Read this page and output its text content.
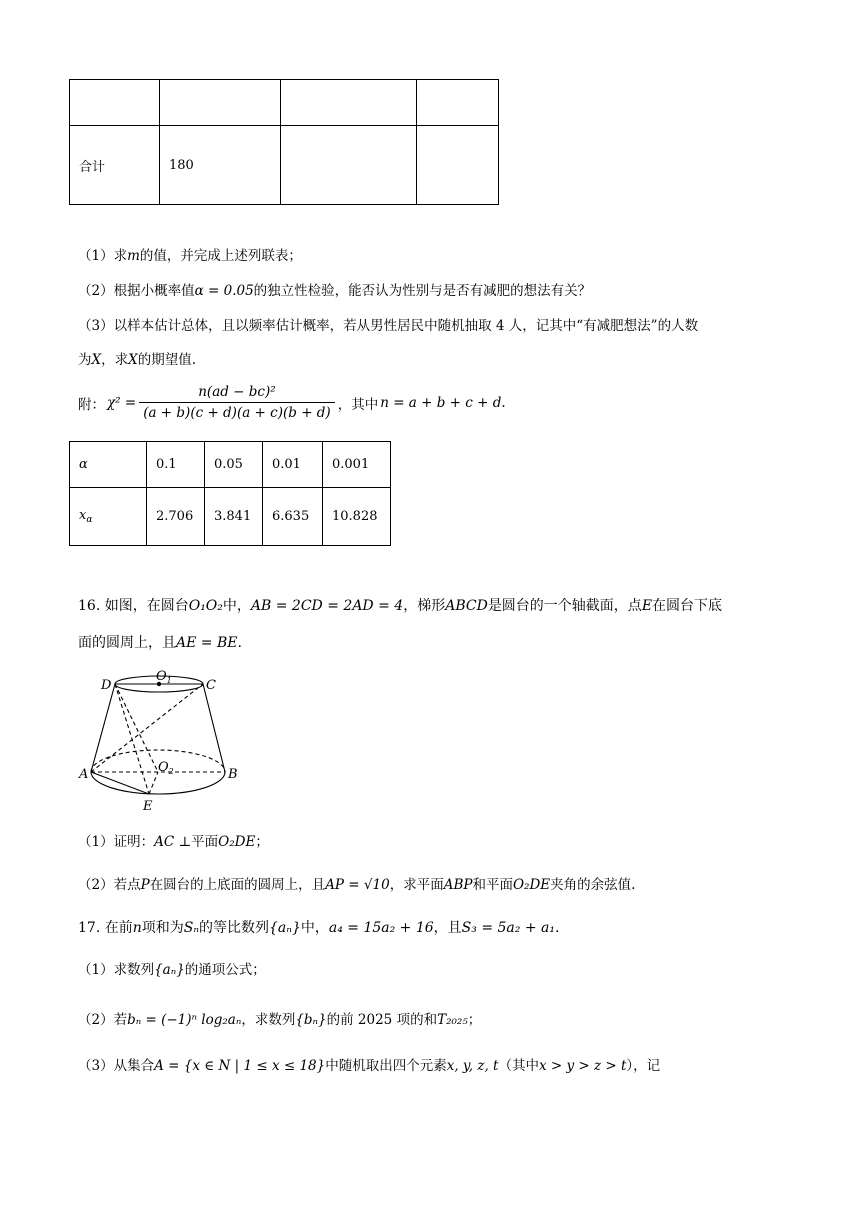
合计	180		
（1）求m的值，并完成上述列联表；
（2）根据小概率值α = 0.05的独立性检验，能否认为性别与是否有减肥的想法有关？
（3）以样本估计总体，且以频率估计概率，若从男性居民中随机抽取 4 人，记其中“有减肥想法”的人数
为X，求X的期望值.
附： $\chi^2 = \frac{\text{n(ad − bc)²}}{(a + b)(c + d)(a + c)(b + d)}$ ，其中 n = a + b + c + d .
α	0.1	0.05	0.01	0.001
$x_\alpha$	2.706	3.841	6.635	10.828
16. 如图，在圆台O₁O₂中，AB = 2CD = 2AD = 4，梯形ABCD是圆台的一个轴截面，点E在圆台下底
面的圆周上，且AE = BE.
D
$O_1$	C
A	$O_2$	B
E
（1）证明：AC ⊥平面O₂DE；
（2）若点P在圆台的上底面的圆周上，且AP = √10，求平面ABP和平面O₂DE夹角的余弦值.
17. 在前n项和为Sₙ的等比数列{aₙ}中，a₄ = 15a₂ + 16，且S₃ = 5a₂ + a₁.
（1）求数列{aₙ}的通项公式；
（2）若bₙ = (−1)ⁿ log₂aₙ，求数列{bₙ}的前 2025 项的和T₂₀₂₅；
（3）从集合A = {x ∈ N | 1 ≤ x ≤ 18}中随机取出四个元素x, y, z, t（其中x > y > z > t），记
